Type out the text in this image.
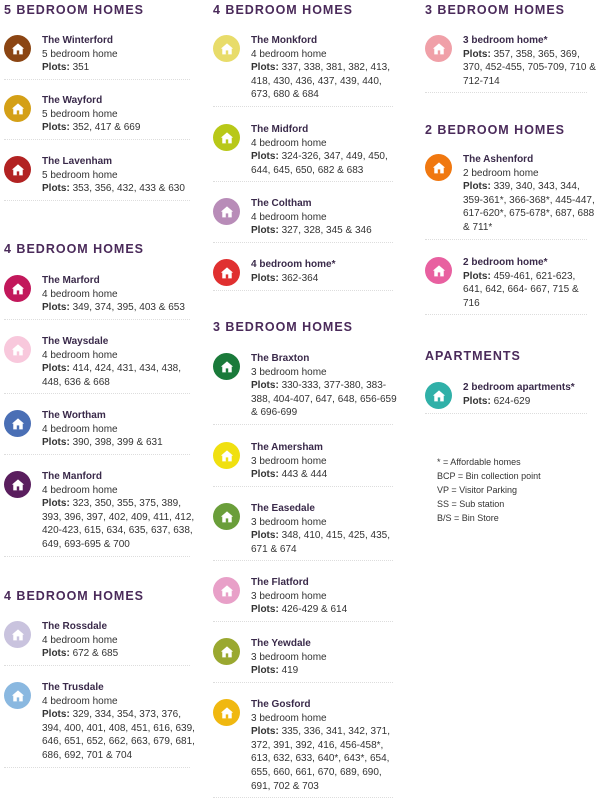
5 BEDROOM HOMES
The Winterford
5 bedroom home
Plots: 351
The Wayford
5 bedroom home
Plots: 352, 417 & 669
The Lavenham
5 bedroom home
Plots: 353, 356, 432, 433 & 630
4 BEDROOM HOMES
The Marford
4 bedroom home
Plots: 349, 374, 395, 403 & 653
The Waysdale
4 bedroom home
Plots: 414, 424, 431, 434, 438, 448, 636 & 668
The Wortham
4 bedroom home
Plots: 390, 398, 399 & 631
The Manford
4 bedroom home
Plots: 323, 350, 355, 375, 389, 393, 396, 397, 402, 409, 411, 412, 420-423, 615, 634, 635, 637, 638, 649, 693-695 & 700
4 BEDROOM HOMES
The Rossdale
4 bedroom home
Plots: 672 & 685
The Trusdale
4 bedroom home
Plots: 329, 334, 354, 373, 376, 394, 400, 401, 408, 451, 616, 639, 646, 651, 652, 662, 663, 679, 681, 686, 692, 701 & 704
4 BEDROOM HOMES
The Monkford
4 bedroom home
Plots: 337, 338, 381, 382, 413, 418, 430, 436, 437, 439, 440, 673, 680 & 684
The Midford
4 bedroom home
Plots: 324-326, 347, 449, 450, 644, 645, 650, 682 & 683
The Coltham
4 bedroom home
Plots: 327, 328, 345 & 346
4 bedroom home*
Plots: 362-364
3 BEDROOM HOMES
The Braxton
3 bedroom home
Plots: 330-333, 377-380, 383-388, 404-407, 647, 648, 656-659 & 696-699
The Amersham
3 bedroom home
Plots: 443 & 444
The Easedale
3 bedroom home
Plots: 348, 410, 415, 425, 435, 671 & 674
The Flatford
3 bedroom home
Plots: 426-429 & 614
The Yewdale
3 bedroom home
Plots: 419
The Gosford
3 bedroom home
Plots: 335, 336, 341, 342, 371, 372, 391, 392, 416, 456-458*, 613, 632, 633, 640*, 643*, 654, 655, 660, 661, 670, 689, 690, 691, 702 & 703
3 BEDROOM HOMES
3 bedroom home*
Plots: 357, 358, 365, 369, 370, 452-455, 705-709, 710 & 712-714
2 BEDROOM HOMES
The Ashenford
2 bedroom home
Plots: 339, 340, 343, 344, 359-361*, 366-368*, 445-447, 617-620*, 675-678*, 687, 688 & 711*
2 bedroom home*
Plots: 459-461, 621-623, 641, 642, 664- 667, 715 & 716
APARTMENTS
2 bedroom apartments*
Plots: 624-629
* = Affordable homes
BCP = Bin collection point
VP = Visitor Parking
SS = Sub station
B/S = Bin Store
